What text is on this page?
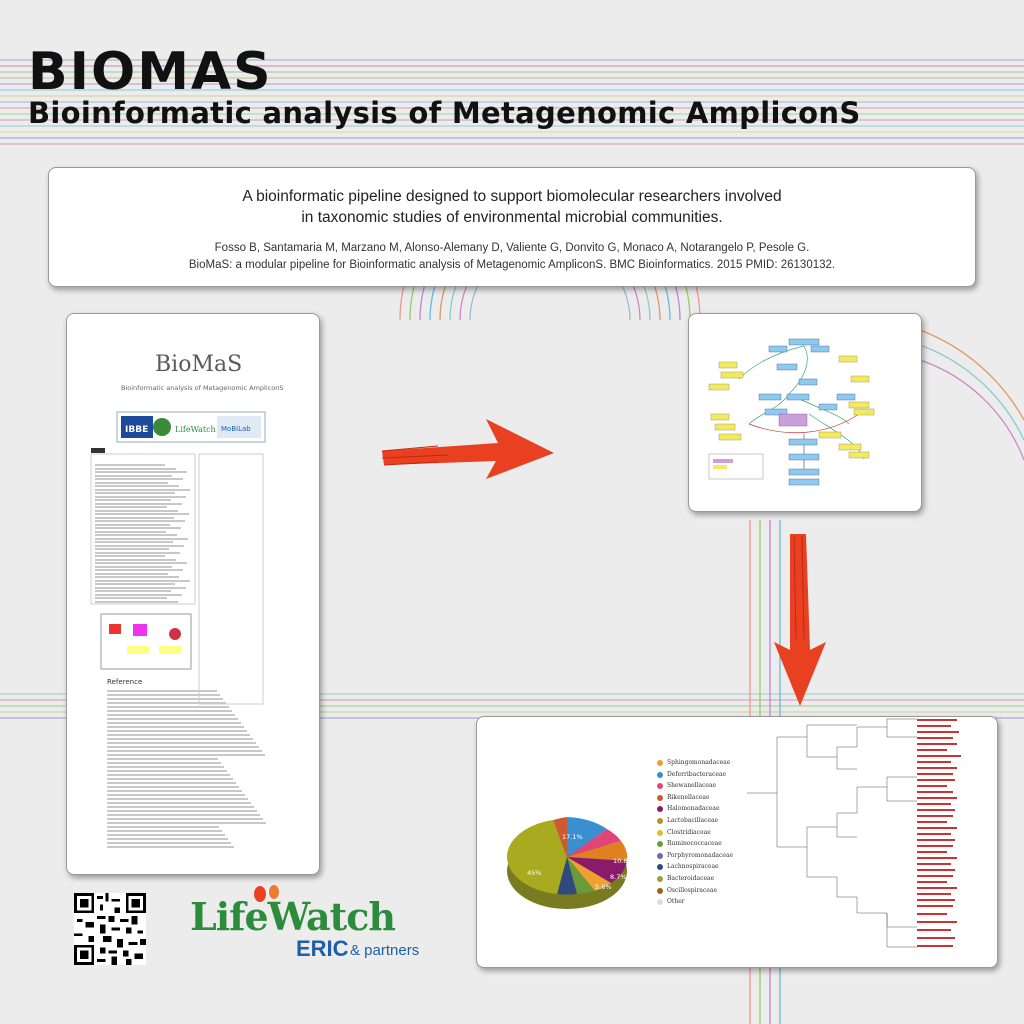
BIOMAS
Bioinformatic analysis of Metagenomic AmpliconS
A bioinformatic pipeline designed to support biomolecular researchers involved
in taxonomic studies of environmental microbial communities.
Fosso B, Santamaria M, Marzano M, Alonso-Alemany D, Valiente G, Donvito G, Monaco A, Notarangelo P, Pesole G.
BioMaS: a modular pipeline for Bioinformatic analysis of Metagenomic AmpliconS. BMC Bioinformatics. 2015 PMID: 26130132.
BioMaS
Bioinformatic analysis of Metagenomic AmpliconS
IBBE	LifeWatch MoBiLab
Reference
45%
17.1%
10.8%
8.7%
5.6%
Sphingomonadaceae
Deferribacteraceae
Shewanellaceae
Rikenellaceae
Halomonadaceae
Lactobacillaceae
Clostridiaceae
Ruminococcaceae
Porphyromonadaceae
Lachnospiraceae
Bacteroidaceae
Oscillospiraceae
Other
LifeWatch
ERIC & partners
